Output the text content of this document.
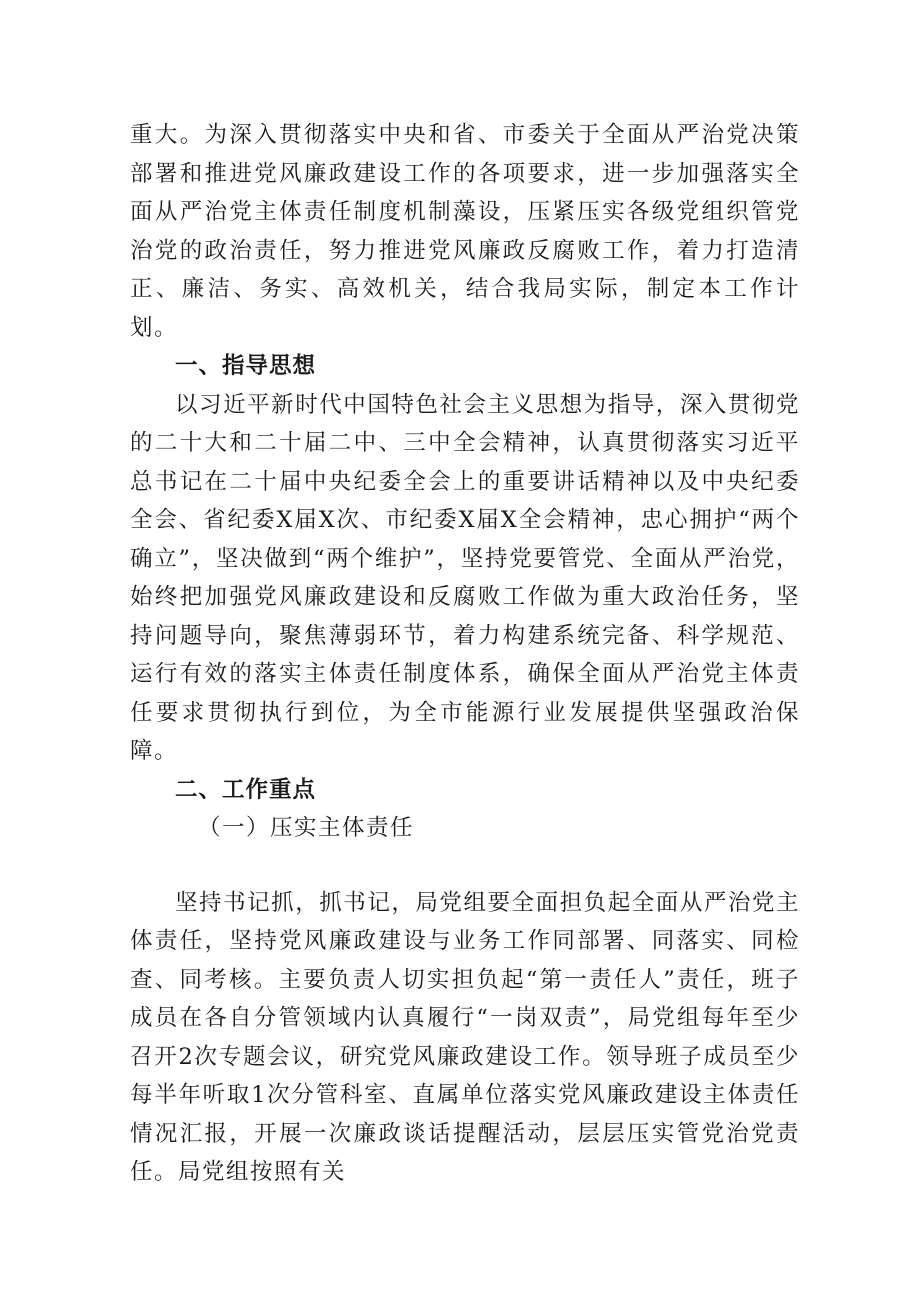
重大。为深入贯彻落实中央和省、市委关于全面从严治党决策部署和推进党风廉政建设工作的各项要求，进一步加强落实全面从严治党主体责任制度机制藻设，压紧压实各级党组织管党治党的政治责任，努力推进党风廉政反腐败工作，着力打造清正、廉洁、务实、高效机关，结合我局实际，制定本工作计划。

一、指导思想

以习近平新时代中国特色社会主义思想为指导，深入贯彻党的二十大和二十届二中、三中全会精神，认真贯彻落实习近平总书记在二十届中央纪委全会上的重要讲话精神以及中央纪委全会、省纪委X届X次、市纪委X届X全会精神，忠心拥护“两个确立”，坚决做到“两个维护”，坚持党要管党、全面从严治党，始终把加强党风廉政建设和反腐败工作做为重大政治任务，坚持问题导向，聚焦薄弱环节，着力构建系统完备、科学规范、运行有效的落实主体责任制度体系，确保全面从严治党主体责任要求贯彻执行到位，为全市能源行业发展提供坚强政治保障。

二、工作重点

（一）压实主体责任

坚持书记抓，抓书记，局党组要全面担负起全面从严治党主体责任，坚持党风廉政建设与业务工作同部署、同落实、同检查、同考核。主要负责人切实担负起“第一责任人”责任，班子成员在各自分管领域内认真履行“一岗双责”，局党组每年至少召开2次专题会议，研究党风廉政建设工作。领导班子成员至少每半年听取1次分管科室、直属单位落实党风廉政建设主体责任情况汇报，开展一次廉政谈话提醒活动，层层压实管党治党责任。局党组按照有关
